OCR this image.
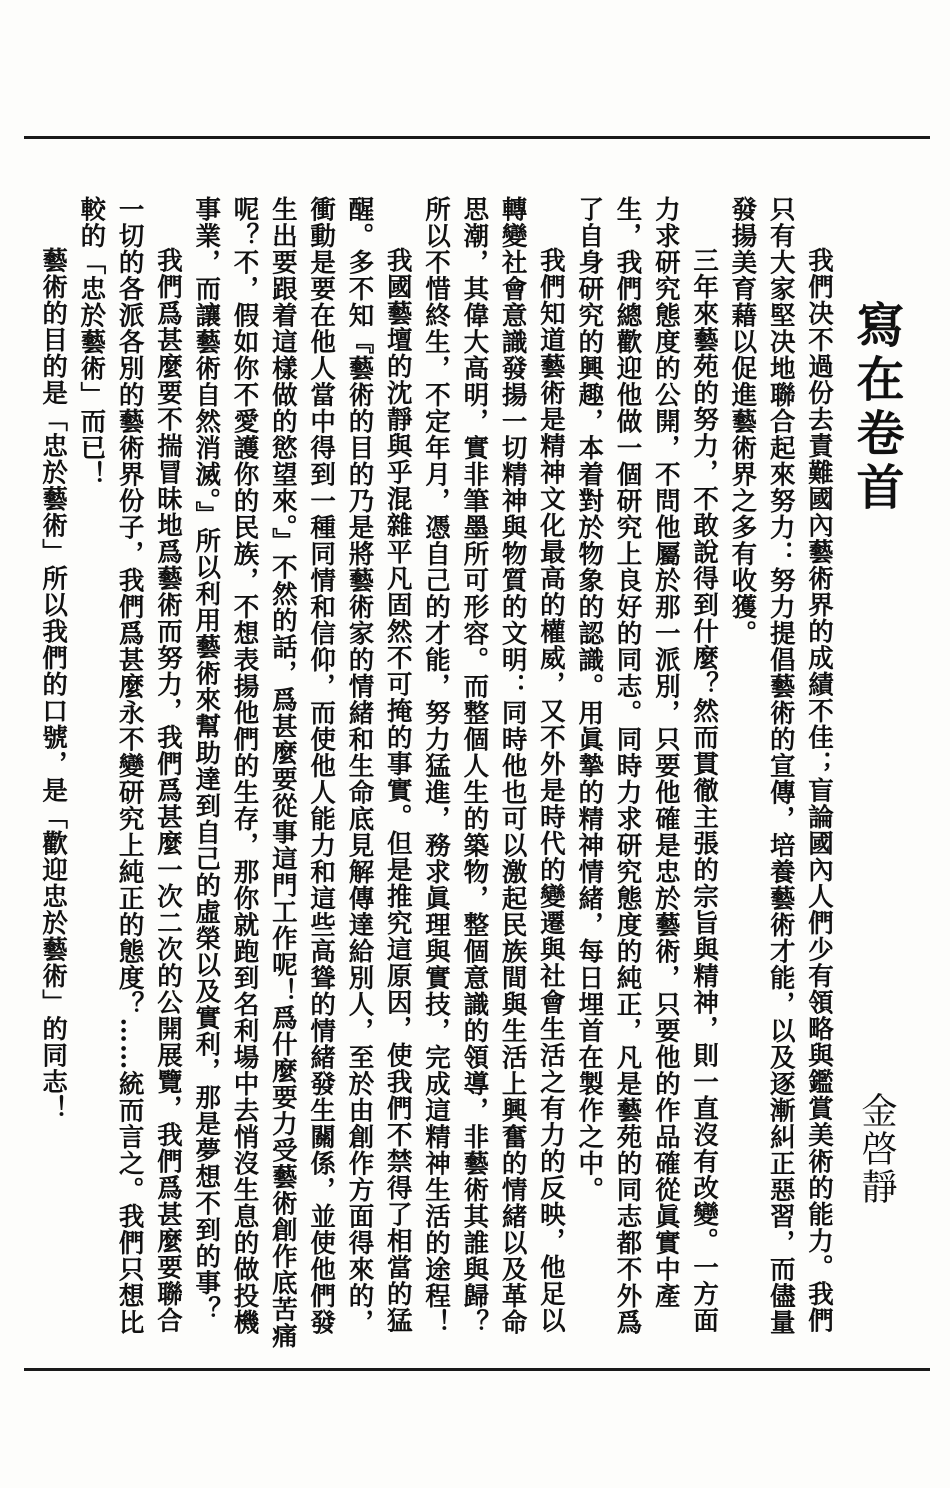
寫在卷首
金啓靜

我們决不過份去責難國內藝術界的成績不佳；盲論國內人們少有領略與鑑賞美術的能力。我們只有大家堅决地聯合起來努力：努力提倡藝術的宣傳，培養藝術才能，以及逐漸糾正惡習，而儘量發揚美育藉以促進藝術界之多有收獲。

三年來藝苑的努力，不敢說得到什麼？然而貫徹主張的宗旨與精神，則一直沒有改變。一方面力求研究態度的公開，不問他屬於那一派別，只要他確是忠於藝術，只要他的作品確從眞實中產生，我們總歡迎他做一個研究上良好的同志。同時力求研究態度的純正，凡是藝苑的同志都不外爲了自身研究的興趣，本着對於物象的認識。用眞摯的精神情緒，每日埋首在製作之中。

我們知道藝術是精神文化最高的權威，又不外是時代的變遷與社會生活之有力的反映，他足以轉變社會意識發揚一切精神與物質的文明：同時他也可以激起民族間與生活上興奮的情緒以及革命思潮，其偉大高明，實非筆墨所可形容。而整個人生的築物，整個意識的領導，非藝術其誰與歸？所以不惜終生，不定年月，憑自己的才能，努力猛進，務求眞理與實技，完成這精神生活的途程！

我國藝壇的沈靜與乎混雜平凡固然不可掩的事實。但是推究這原因，使我們不禁得了相當的猛醒。多不知『藝術的目的乃是將藝術家的情緒和生命底見解傳達給別人，至於由創作方面得來的，衝動是要在他人當中得到一種同情和信仰，而使他人能力和這些高聳的情緒發生關係，並使他們發生出要跟着這樣做的慾望來。』不然的話，爲甚麼要從事這門工作呢！爲什麼要力受藝術創作底苦痛呢？不，假如你不愛護你的民族，不想表揚他們的生存，那你就跑到名利場中去悄沒生息的做投機事業，而讓藝術自然消滅。』所以利用藝術來幫助達到自己的虛榮以及實利，那是夢想不到的事？

我們爲甚麼要不揣冒昧地爲藝術而努力，我們爲甚麼一次二次的公開展覽，我們爲甚麼要聯合一切的各派各別的藝術界份子，我們爲甚麼永不變研究上純正的態度？……統而言之。我們只想比較的「忠於藝術」而已！

藝術的目的是「忠於藝術」所以我們的口號，是「歡迎忠於藝術」的同志！
